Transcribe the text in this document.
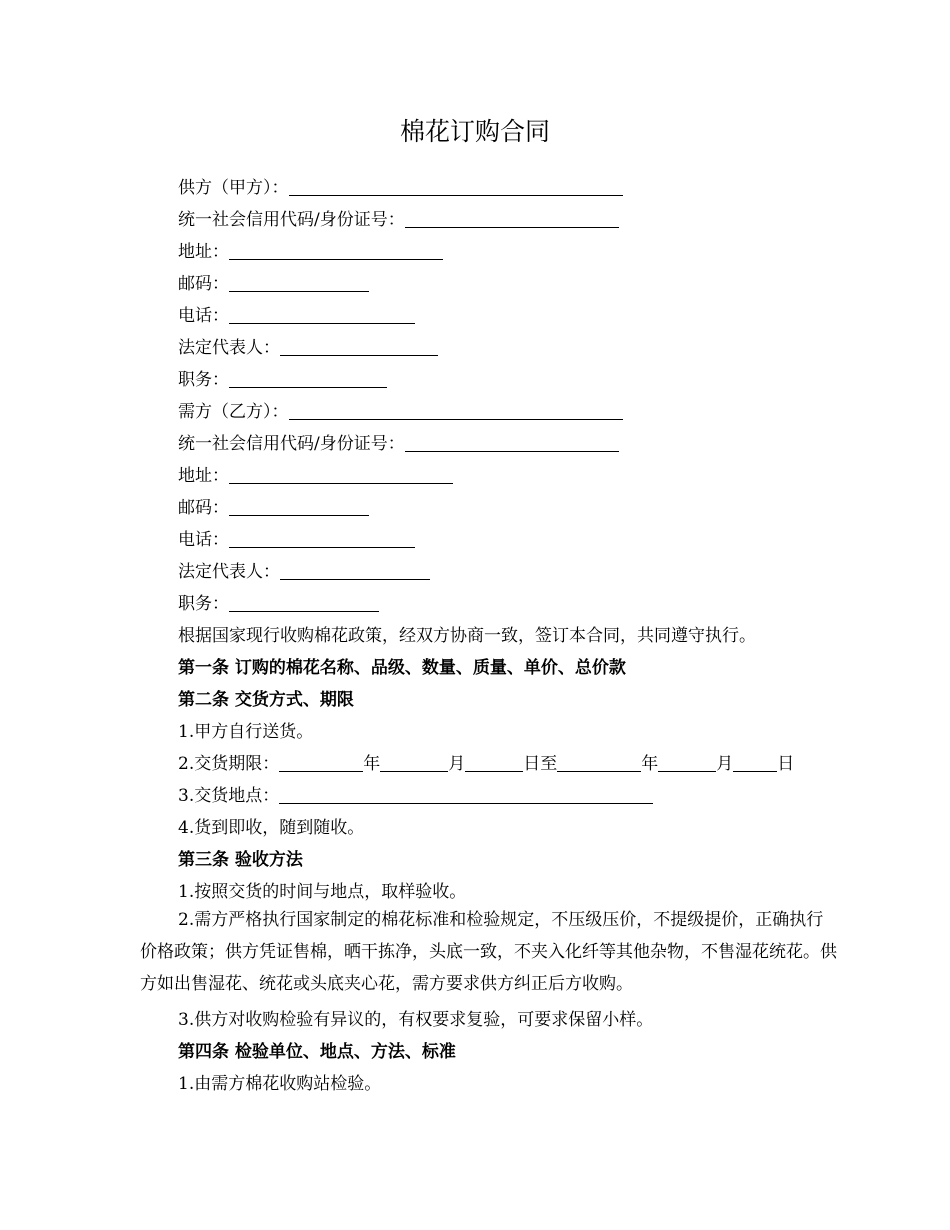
棉花订购合同
供方（甲方）：
统一社会信用代码/身份证号：
地址：
邮码：
电话：
法定代表人：
职务：
需方（乙方）：
统一社会信用代码/身份证号：
地址：
邮码：
电话：
法定代表人：
职务：
根据国家现行收购棉花政策，经双方协商一致，签订本合同，共同遵守执行。
第一条 订购的棉花名称、品级、数量、质量、单价、总价款
第二条 交货方式、期限
1.甲方自行送货。
2.交货期限：	年	月	日至	年	月	日
3.交货地点：
4.货到即收，随到随收。
第三条 验收方法
1.按照交货的时间与地点，取样验收。

2.需方严格执行国家制定的棉花标准和检验规定，不压级压价，不提级提价，正确执行价格政策；供方凭证售棉，晒干拣净，头底一致，不夹入化纤等其他杂物，不售湿花统花。供方如出售湿花、统花或头底夹心花，需方要求供方纠正后方收购。

3.供方对收购检验有异议的，有权要求复验，可要求保留小样。
第四条 检验单位、地点、方法、标准
1.由需方棉花收购站检验。
